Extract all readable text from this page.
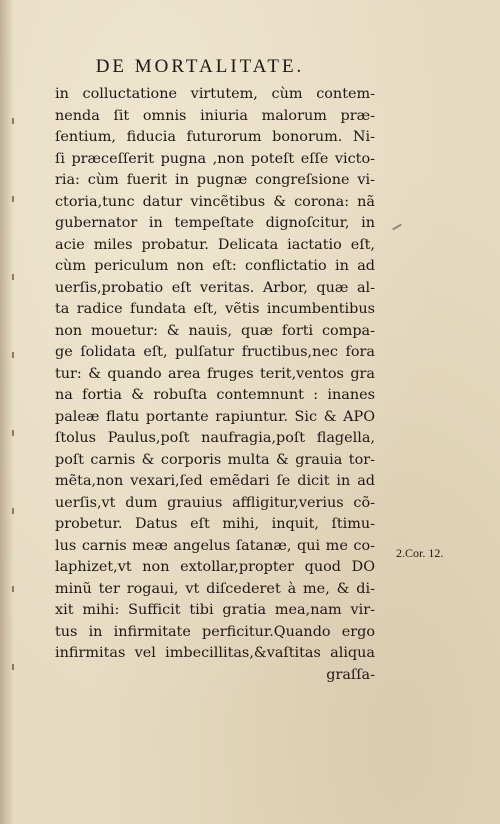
DE MORTALITATE.
in colluctatione virtutem, cùm contem-
nenda ſit omnis iniuria malorum præ-
ſentium, fiducia futurorum bonorum. Ni-
ſi præceſſerit pugna ,non poteſt eſſe victo-
ria: cùm fuerit in pugnæ congreſsione vi-
ctoria,tunc datur vincẽtibus & corona: nã
gubernator in tempeſtate dignoſcitur, in
acie miles probatur. Delicata iactatio eſt,
cùm periculum non eſt: conflictatio in ad
uerſis,probatio eſt veritas. Arbor, quæ al-
ta radice fundata eſt, vẽtis incumbentibus
non mouetur: & nauis, quæ forti compa-
ge ſolidata eſt, pulſatur fructibus,nec fora
tur: & quando area fruges terit,ventos gra
na fortia & robuſta contemnunt : inanes
paleæ flatu portante rapiuntur. Sic & APO
ſtolus Paulus,poſt naufragia,poſt flagella,
poſt carnis & corporis multa & grauia tor-
mẽta,non vexari,ſed emẽdari ſe dicit in ad
uerſis,vt dum grauius affligitur,verius cõ-
probetur. Datus eſt mihi, inquit, ſtimu-
lus carnis meæ angelus ſatanæ, qui me co-
laphizet,vt non extollar,propter quod DO
minũ ter rogaui, vt diſcederet à me, & di-
xit mihi: Sufficit tibi gratia mea,nam vir-
tus in infirmitate perficitur.Quando ergo
infirmitas vel imbecillitas,&vaſtitas aliqua
graſſa-
2.Cor. 12.
